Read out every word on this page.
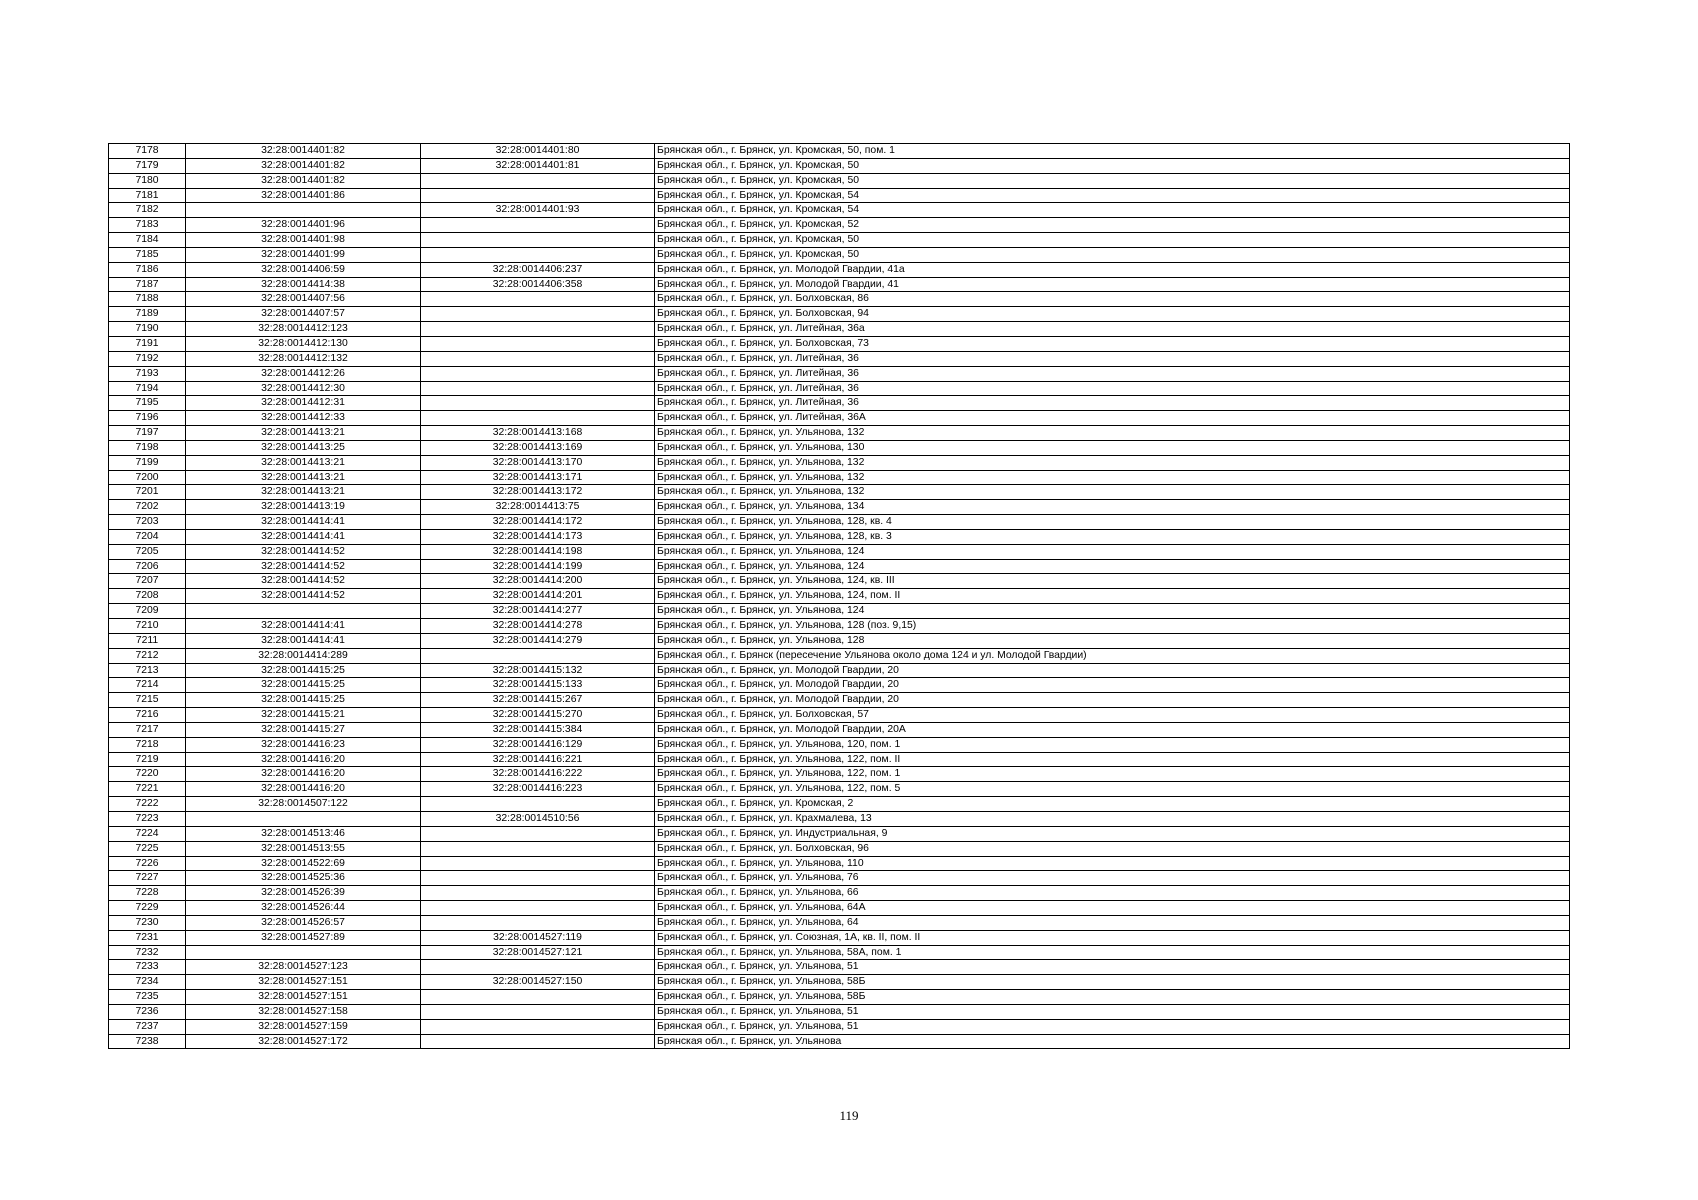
7178	32:28:0014401:82	32:28:0014401:80	Брянская обл., г. Брянск, ул. Кромская, 50, пом. 1
7179	32:28:0014401:82	32:28:0014401:81	Брянская обл., г. Брянск, ул. Кромская, 50
7180	32:28:0014401:82		Брянская обл., г. Брянск, ул. Кромская, 50
7181	32:28:0014401:86		Брянская обл., г. Брянск, ул. Кромская, 54
7182		32:28:0014401:93	Брянская обл., г. Брянск, ул. Кромская, 54
7183	32:28:0014401:96		Брянская обл., г. Брянск, ул. Кромская, 52
7184	32:28:0014401:98		Брянская обл., г. Брянск, ул. Кромская, 50
7185	32:28:0014401:99		Брянская обл., г. Брянск, ул. Кромская, 50
7186	32:28:0014406:59	32:28:0014406:237	Брянская обл., г. Брянск, ул. Молодой Гвардии, 41а
7187	32:28:0014414:38	32:28:0014406:358	Брянская обл., г. Брянск, ул. Молодой Гвардии, 41
7188	32:28:0014407:56		Брянская обл., г. Брянск, ул. Болховская, 86
7189	32:28:0014407:57		Брянская обл., г. Брянск, ул. Болховская, 94
7190	32:28:0014412:123		Брянская обл., г. Брянск, ул. Литейная, 36а
7191	32:28:0014412:130		Брянская обл., г. Брянск, ул. Болховская, 73
7192	32:28:0014412:132		Брянская обл., г. Брянск, ул. Литейная, 36
7193	32:28:0014412:26		Брянская обл., г. Брянск, ул. Литейная, 36
7194	32:28:0014412:30		Брянская обл., г. Брянск, ул. Литейная, 36
7195	32:28:0014412:31		Брянская обл., г. Брянск, ул. Литейная, 36
7196	32:28:0014412:33		Брянская обл., г. Брянск, ул. Литейная, 36А
7197	32:28:0014413:21	32:28:0014413:168	Брянская обл., г. Брянск, ул. Ульянова, 132
7198	32:28:0014413:25	32:28:0014413:169	Брянская обл., г. Брянск, ул. Ульянова, 130
7199	32:28:0014413:21	32:28:0014413:170	Брянская обл., г. Брянск, ул. Ульянова, 132
7200	32:28:0014413:21	32:28:0014413:171	Брянская обл., г. Брянск, ул. Ульянова, 132
7201	32:28:0014413:21	32:28:0014413:172	Брянская обл., г. Брянск, ул. Ульянова, 132
7202	32:28:0014413:19	32:28:0014413:75	Брянская обл., г. Брянск, ул. Ульянова, 134
7203	32:28:0014414:41	32:28:0014414:172	Брянская обл., г. Брянск, ул. Ульянова, 128, кв. 4
7204	32:28:0014414:41	32:28:0014414:173	Брянская обл., г. Брянск, ул. Ульянова, 128, кв. 3
7205	32:28:0014414:52	32:28:0014414:198	Брянская обл., г. Брянск, ул. Ульянова, 124
7206	32:28:0014414:52	32:28:0014414:199	Брянская обл., г. Брянск, ул. Ульянова, 124
7207	32:28:0014414:52	32:28:0014414:200	Брянская обл., г. Брянск, ул. Ульянова, 124, кв. III
7208	32:28:0014414:52	32:28:0014414:201	Брянская обл., г. Брянск, ул. Ульянова, 124, пом. II
7209		32:28:0014414:277	Брянская обл., г. Брянск, ул. Ульянова, 124
7210	32:28:0014414:41	32:28:0014414:278	Брянская обл., г. Брянск, ул. Ульянова, 128 (поз. 9,15)
7211	32:28:0014414:41	32:28:0014414:279	Брянская обл., г. Брянск, ул. Ульянова, 128
7212	32:28:0014414:289		Брянская обл., г. Брянск (пересечение Ульянова около дома 124 и ул. Молодой Гвардии)
7213	32:28:0014415:25	32:28:0014415:132	Брянская обл., г. Брянск, ул. Молодой Гвардии, 20
7214	32:28:0014415:25	32:28:0014415:133	Брянская обл., г. Брянск, ул. Молодой Гвардии, 20
7215	32:28:0014415:25	32:28:0014415:267	Брянская обл., г. Брянск, ул. Молодой Гвардии, 20
7216	32:28:0014415:21	32:28:0014415:270	Брянская обл., г. Брянск, ул. Болховская, 57
7217	32:28:0014415:27	32:28:0014415:384	Брянская обл., г. Брянск, ул. Молодой Гвардии, 20А
7218	32:28:0014416:23	32:28:0014416:129	Брянская обл., г. Брянск, ул. Ульянова, 120, пом. 1
7219	32:28:0014416:20	32:28:0014416:221	Брянская обл., г. Брянск, ул. Ульянова, 122, пом. II
7220	32:28:0014416:20	32:28:0014416:222	Брянская обл., г. Брянск, ул. Ульянова, 122, пом. 1
7221	32:28:0014416:20	32:28:0014416:223	Брянская обл., г. Брянск, ул. Ульянова, 122, пом. 5
7222	32:28:0014507:122		Брянская обл., г. Брянск, ул. Кромская, 2
7223		32:28:0014510:56	Брянская обл., г. Брянск, ул. Крахмалева, 13
7224	32:28:0014513:46		Брянская обл., г. Брянск, ул. Индустриальная, 9
7225	32:28:0014513:55		Брянская обл., г. Брянск, ул. Болховская, 96
7226	32:28:0014522:69		Брянская обл., г. Брянск, ул. Ульянова, 110
7227	32:28:0014525:36		Брянская обл., г. Брянск, ул. Ульянова, 76
7228	32:28:0014526:39		Брянская обл., г. Брянск, ул. Ульянова, 66
7229	32:28:0014526:44		Брянская обл., г. Брянск, ул. Ульянова, 64А
7230	32:28:0014526:57		Брянская обл., г. Брянск, ул. Ульянова, 64
7231	32:28:0014527:89	32:28:0014527:119	Брянская обл., г. Брянск, ул. Союзная, 1А, кв. II, пом. II
7232		32:28:0014527:121	Брянская обл., г. Брянск, ул. Ульянова, 58А, пом. 1
7233	32:28:0014527:123		Брянская обл., г. Брянск, ул. Ульянова, 51
7234	32:28:0014527:151	32:28:0014527:150	Брянская обл., г. Брянск, ул. Ульянова, 58Б
7235	32:28:0014527:151		Брянская обл., г. Брянск, ул. Ульянова, 58Б
7236	32:28:0014527:158		Брянская обл., г. Брянск, ул. Ульянова, 51
7237	32:28:0014527:159		Брянская обл., г. Брянск, ул. Ульянова, 51
7238	32:28:0014527:172		Брянская обл., г. Брянск, ул. Ульянова
119
